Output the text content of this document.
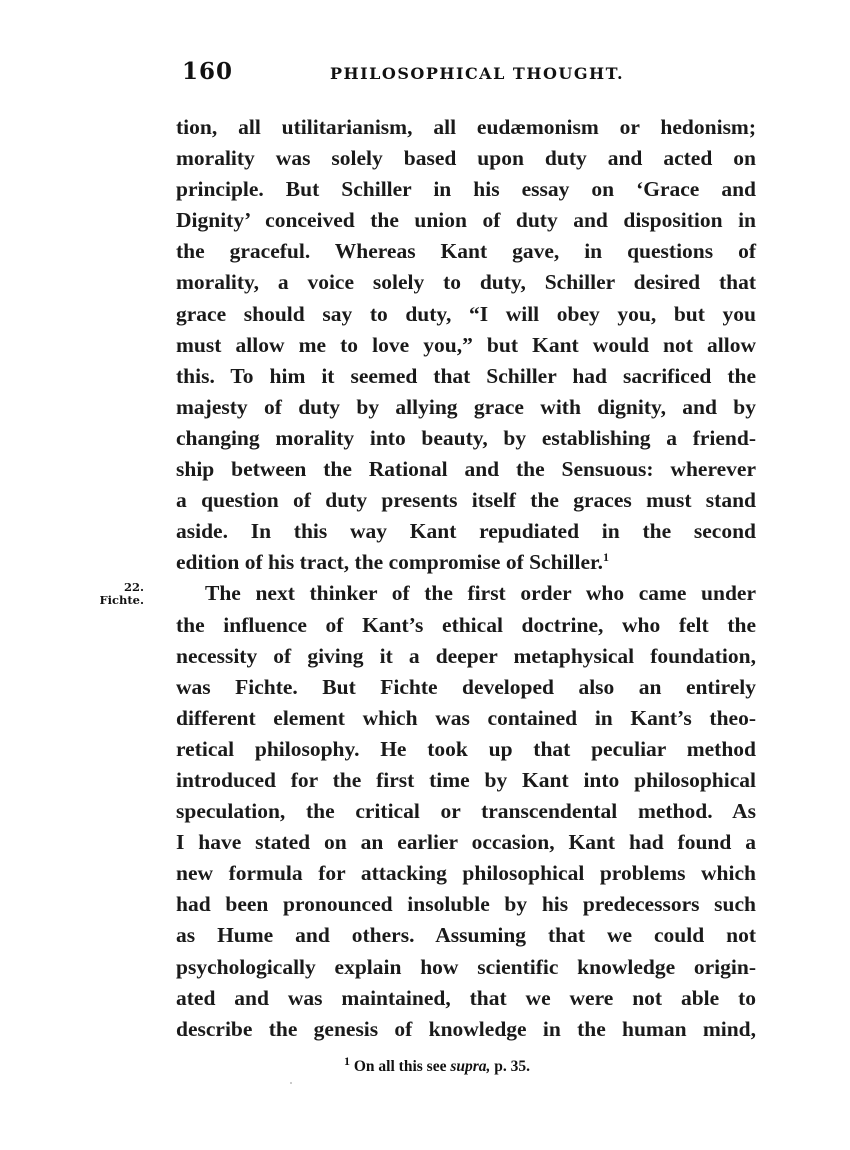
160	PHILOSOPHICAL THOUGHT.
22.
Fichte.
tion, all utilitarianism, all eudæmonism or hedonism;
morality was solely based upon duty and acted on
principle. But Schiller in his essay on ‘Grace and
Dignity’ conceived the union of duty and disposition in
the graceful. Whereas Kant gave, in questions of
morality, a voice solely to duty, Schiller desired that
grace should say to duty, “I will obey you, but you
must allow me to love you,” but Kant would not allow
this. To him it seemed that Schiller had sacrificed the
majesty of duty by allying grace with dignity, and by
changing morality into beauty, by establishing a friend-
ship between the Rational and the Sensuous: wherever
a question of duty presents itself the graces must stand
aside. In this way Kant repudiated in the second
edition of his tract, the compromise of Schiller.$^1$
The next thinker of the first order who came under
the influence of Kant’s ethical doctrine, who felt the
necessity of giving it a deeper metaphysical foundation,
was Fichte. But Fichte developed also an entirely
different element which was contained in Kant’s theo-
retical philosophy. He took up that peculiar method
introduced for the first time by Kant into philosophical
speculation, the critical or transcendental method. As
I have stated on an earlier occasion, Kant had found a
new formula for attacking philosophical problems which
had been pronounced insoluble by his predecessors such
as Hume and others. Assuming that we could not
psychologically explain how scientific knowledge origin-
ated and was maintained, that we were not able to
describe the genesis of knowledge in the human mind,
$^1$ On all this see supra, p. 35.
